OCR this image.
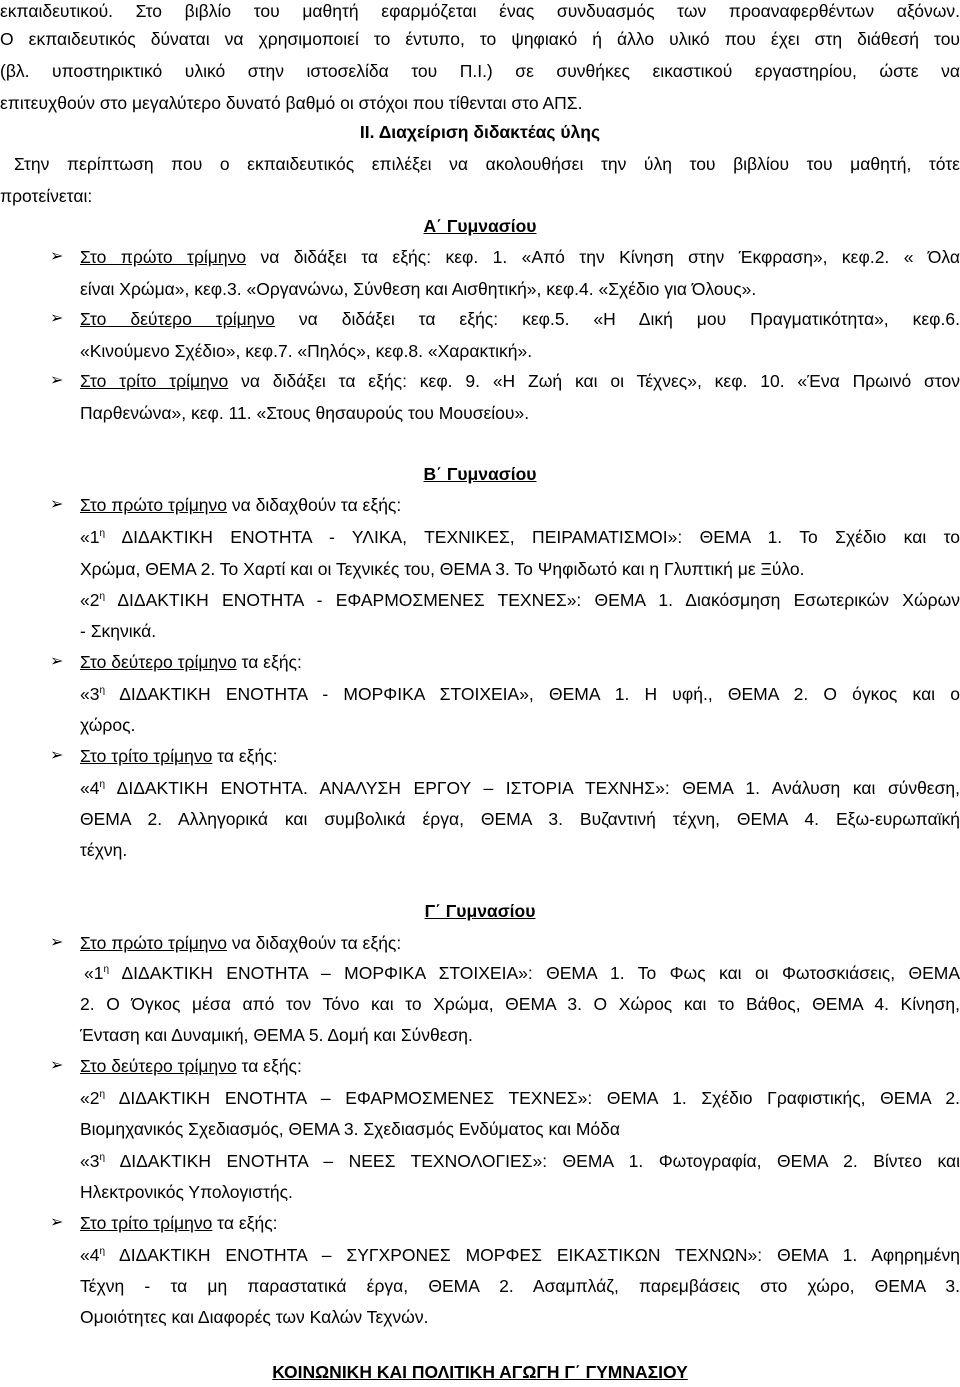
εκπαιδευτικού. Στο βιβλίο του μαθητή εφαρμόζεται ένας συνδυασμός των προαναφερθέντων αξόνων.
Ο εκπαιδευτικός δύναται να χρησιμοποιεί το έντυπο, το ψηφιακό ή άλλο υλικό που έχει στη διάθεσή του
(βλ. υποστηρικτικό υλικό στην ιστοσελίδα του Π.Ι.) σε συνθήκες εικαστικού εργαστηρίου, ώστε να
επιτευχθούν στο μεγαλύτερο δυνατό βαθμό οι στόχοι που τίθενται στο ΑΠΣ.
ΙΙ. Διαχείριση διδακτέας ύλης
Στην περίπτωση που ο εκπαιδευτικός επιλέξει να ακολουθήσει την ύλη του βιβλίου του μαθητή, τότε
προτείνεται:
Α΄ Γυμνασίου
➢ Στο πρώτο τρίμηνο να διδάξει τα εξής: κεφ. 1. «Από την Κίνηση στην Έκφραση», κεφ.2. « Όλα
είναι Χρώμα», κεφ.3. «Οργανώνω, Σύνθεση και Αισθητική», κεφ.4. «Σχέδιο για Όλους».
➢ Στο δεύτερο τρίμηνο να διδάξει τα εξής: κεφ.5. «Η Δική μου Πραγματικότητα», κεφ.6.
«Κινούμενο Σχέδιο», κεφ.7. «Πηλός», κεφ.8. «Χαρακτική».
➢ Στο τρίτο τρίμηνο να διδάξει τα εξής: κεφ. 9. «Η Ζωή και οι Τέχνες», κεφ. 10. «Ένα Πρωινό στον
Παρθενώνα», κεφ. 11. «Στους θησαυρούς του Μουσείου».
Β΄ Γυμνασίου
➢ Στο πρώτο τρίμηνο να διδαχθούν τα εξής:
«$1^\eta$ ΔΙΔΑΚΤΙΚΗ ΕΝΟΤΗΤΑ - ΥΛΙΚΑ, ΤΕΧΝΙΚΕΣ, ΠΕΙΡΑΜΑΤΙΣΜΟΙ»: ΘΕΜΑ 1. Το Σχέδιο και το
Χρώμα, ΘΕΜΑ 2. Το Χαρτί και οι Τεχνικές του, ΘΕΜΑ 3. Το Ψηφιδωτό και η Γλυπτική με Ξύλο.
«$2^\eta$ ΔΙΔΑΚΤΙΚΗ ΕΝΟΤΗΤΑ - ΕΦΑΡΜΟΣΜΕΝΕΣ ΤΕΧΝΕΣ»: ΘΕΜΑ 1. Διακόσμηση Εσωτερικών Χώρων
- Σκηνικά.
➢ Στο δεύτερο τρίμηνο τα εξής:
«$3^\eta$ ΔΙΔΑΚΤΙΚΗ ΕΝΟΤΗΤΑ - ΜΟΡΦΙΚΑ ΣΤΟΙΧΕΙΑ», ΘΕΜΑ 1. Η υφή., ΘΕΜΑ 2. Ο όγκος και ο
χώρος.
➢ Στο τρίτο τρίμηνο τα εξής:
«$4^\eta$ ΔΙΔΑΚΤΙΚΗ ΕΝΟΤΗΤΑ. ΑΝΑΛΥΣΗ ΕΡΓΟΥ – ΙΣΤΟΡΙΑ ΤΕΧΝΗΣ»: ΘΕΜΑ 1. Ανάλυση και σύνθεση,
ΘΕΜΑ 2. Αλληγορικά και συμβολικά έργα, ΘΕΜΑ 3. Βυζαντινή τέχνη, ΘΕΜΑ 4. Εξω-ευρωπαϊκή
τέχνη.
Γ΄ Γυμνασίου
➢ Στο πρώτο τρίμηνο να διδαχθούν τα εξής:
«$1^\eta$ ΔΙΔΑΚΤΙΚΗ ΕΝΟΤΗΤΑ – ΜΟΡΦΙΚΑ ΣΤΟΙΧΕΙΑ»: ΘΕΜΑ 1. Το Φως και οι Φωτοσκιάσεις, ΘΕΜΑ
2. Ο Όγκος μέσα από τον Τόνο και το Χρώμα, ΘΕΜΑ 3. Ο Χώρος και το Βάθος, ΘΕΜΑ 4. Κίνηση,
Ένταση και Δυναμική, ΘΕΜΑ 5. Δομή και Σύνθεση.
➢ Στο δεύτερο τρίμηνο τα εξής:
«$2^\eta$ ΔΙΔΑΚΤΙΚΗ ΕΝΟΤΗΤΑ – ΕΦΑΡΜΟΣΜΕΝΕΣ ΤΕΧΝΕΣ»: ΘΕΜΑ 1. Σχέδιο Γραφιστικής, ΘΕΜΑ 2.
Βιομηχανικός Σχεδιασμός, ΘΕΜΑ 3. Σχεδιασμός Ενδύματος και Μόδα
«$3^\eta$ ΔΙΔΑΚΤΙΚΗ ΕΝΟΤΗΤΑ – ΝΕΕΣ ΤΕΧΝΟΛΟΓΙΕΣ»: ΘΕΜΑ 1. Φωτογραφία, ΘΕΜΑ 2. Βίντεο και
Ηλεκτρονικός Υπολογιστής.
➢ Στο τρίτο τρίμηνο τα εξής:
«$4^\eta$ ΔΙΔΑΚΤΙΚΗ ΕΝΟΤΗΤΑ – ΣΥΓΧΡΟΝΕΣ ΜΟΡΦΕΣ ΕΙΚΑΣΤΙΚΩΝ ΤΕΧΝΩΝ»: ΘΕΜΑ 1. Αφηρημένη
Τέχνη - τα μη παραστατικά έργα, ΘΕΜΑ 2. Ασαμπλάζ, παρεμβάσεις στο χώρο, ΘΕΜΑ 3.
Ομοιότητες και Διαφορές των Καλών Τεχνών.
ΚΟΙΝΩΝΙΚΗ ΚΑΙ ΠΟΛΙΤΙΚΗ ΑΓΩΓΗ Γ΄ ΓΥΜΝΑΣΙΟΥ
